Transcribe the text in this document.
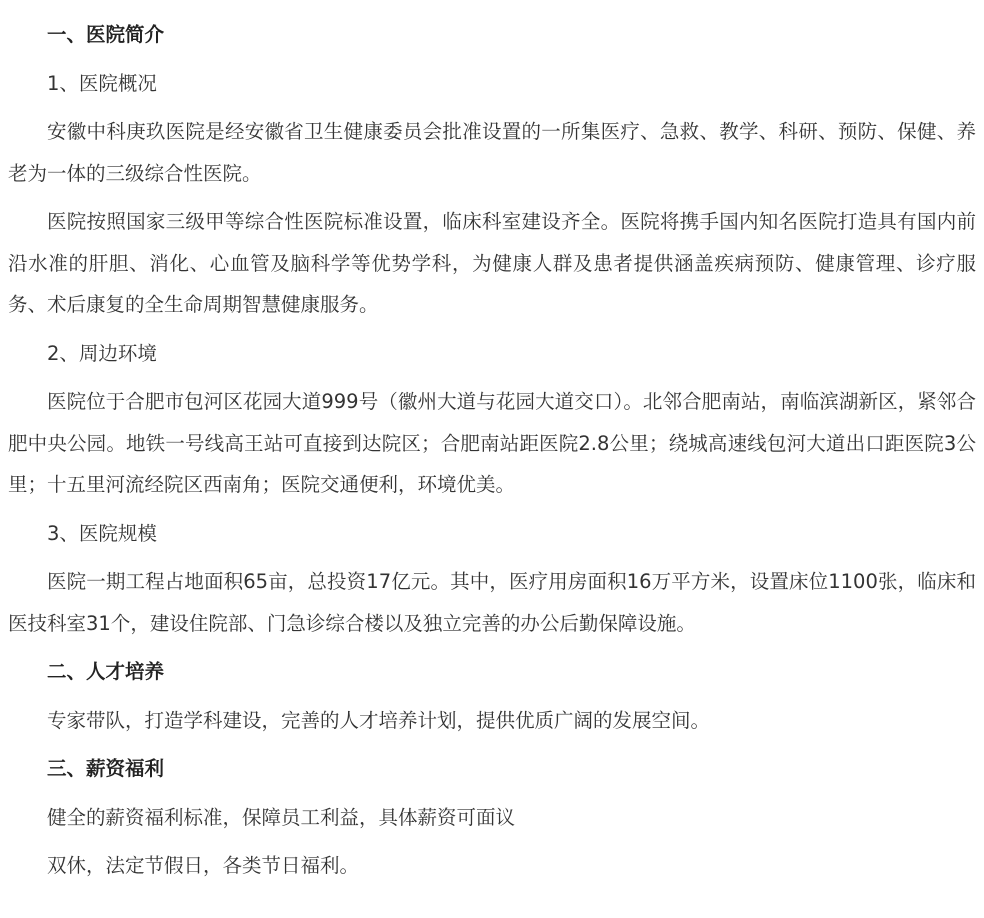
一、医院简介

1、医院概况

安徽中科庚玖医院是经安徽省卫生健康委员会批准设置的一所集医疗、急救、教学、科研、预防、保健、养老为一体的三级综合性医院。

医院按照国家三级甲等综合性医院标准设置，临床科室建设齐全。医院将携手国内知名医院打造具有国内前沿水准的肝胆、消化、心血管及脑科学等优势学科，为健康人群及患者提供涵盖疾病预防、健康管理、诊疗服务、术后康复的全生命周期智慧健康服务。

2、周边环境

医院位于合肥市包河区花园大道999号（徽州大道与花园大道交口）。北邻合肥南站，南临滨湖新区，紧邻合肥中央公园。地铁一号线高王站可直接到达院区；合肥南站距医院2.8公里；绕城高速线包河大道出口距医院3公里；十五里河流经院区西南角；医院交通便利，环境优美。

3、医院规模

医院一期工程占地面积65亩，总投资17亿元。其中，医疗用房面积16万平方米，设置床位1100张，临床和医技科室31个，建设住院部、门急诊综合楼以及独立完善的办公后勤保障设施。

二、人才培养

专家带队，打造学科建设，完善的人才培养计划，提供优质广阔的发展空间。

三、薪资福利

健全的薪资福利标准，保障员工利益，具体薪资可面议

双休，法定节假日，各类节日福利。
